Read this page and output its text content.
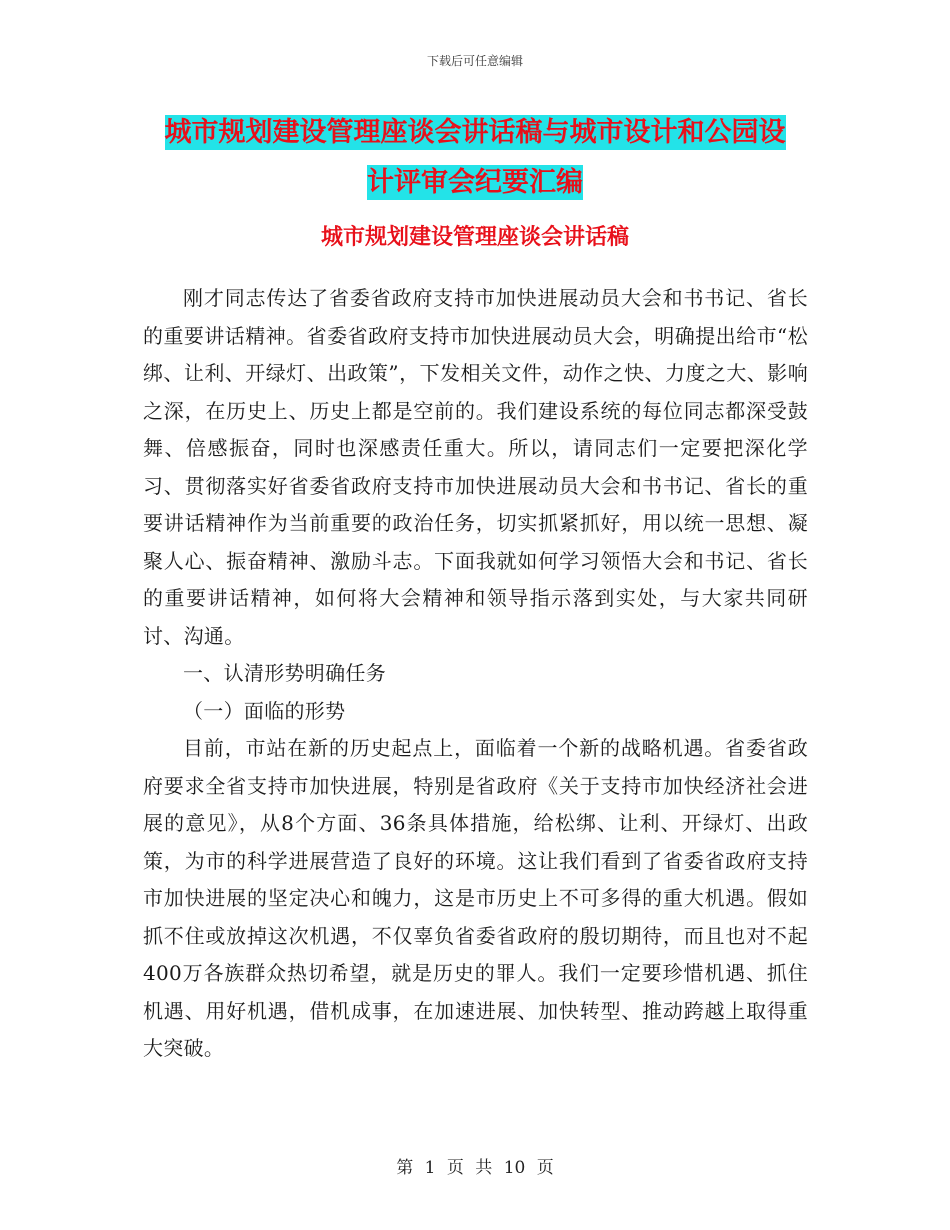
下载后可任意编辑
城市规划建设管理座谈会讲话稿与城市设计和公园设
计评审会纪要汇编
城市规划建设管理座谈会讲话稿

刚才同志传达了省委省政府支持市加快进展动员大会和书书记、省长的重要讲话精神。省委省政府支持市加快进展动员大会，明确提出给市“松绑、让利、开绿灯、出政策”，下发相关文件，动作之快、力度之大、影响之深，在历史上、历史上都是空前的。我们建设系统的每位同志都深受鼓舞、倍感振奋，同时也深感责任重大。所以，请同志们一定要把深化学习、贯彻落实好省委省政府支持市加快进展动员大会和书书记、省长的重要讲话精神作为当前重要的政治任务，切实抓紧抓好，用以统一思想、凝聚人心、振奋精神、激励斗志。下面我就如何学习领悟大会和书记、省长的重要讲话精神，如何将大会精神和领导指示落到实处，与大家共同研讨、沟通。

一、认清形势明确任务

（一）面临的形势

目前，市站在新的历史起点上，面临着一个新的战略机遇。省委省政府要求全省支持市加快进展，特别是省政府《关于支持市加快经济社会进展的意见》，从8个方面、36条具体措施，给松绑、让利、开绿灯、出政策，为市的科学进展营造了良好的环境。这让我们看到了省委省政府支持市加快进展的坚定决心和魄力，这是市历史上不可多得的重大机遇。假如抓不住或放掉这次机遇，不仅辜负省委省政府的殷切期待，而且也对不起400万各族群众热切希望，就是历史的罪人。我们一定要珍惜机遇、抓住机遇、用好机遇，借机成事，在加速进展、加快转型、推动跨越上取得重大突破。

第 1 页 共 10 页
